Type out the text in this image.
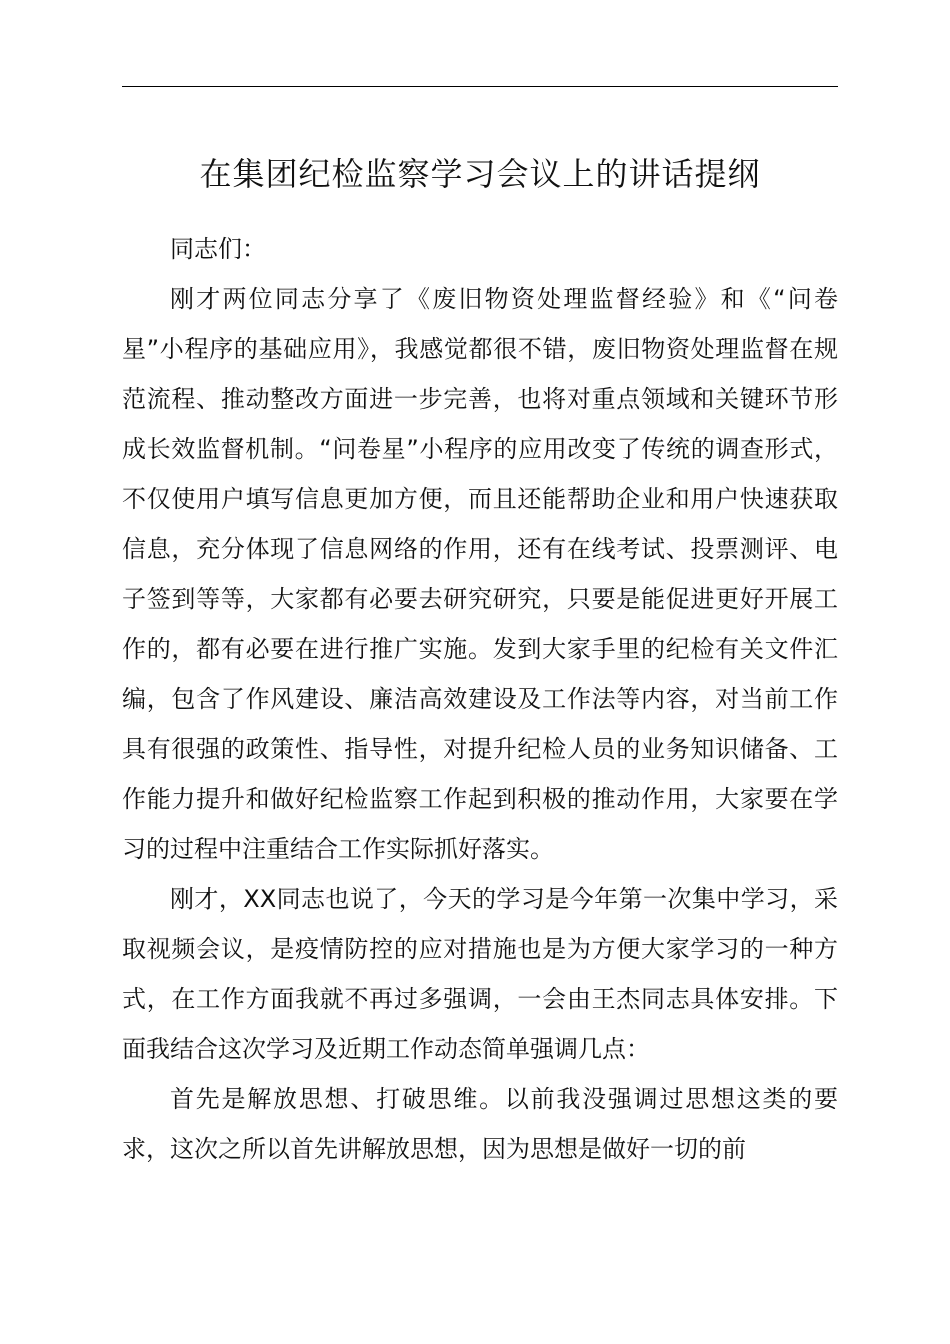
在集团纪检监察学习会议上的讲话提纲

同志们：

刚才两位同志分享了《废旧物资处理监督经验》和《“问卷星”小程序的基础应用》，我感觉都很不错，废旧物资处理监督在规范流程、推动整改方面进一步完善，也将对重点领域和关键环节形成长效监督机制。“问卷星”小程序的应用改变了传统的调查形式，不仅使用户填写信息更加方便，而且还能帮助企业和用户快速获取信息，充分体现了信息网络的作用，还有在线考试、投票测评、电子签到等等，大家都有必要去研究研究，只要是能促进更好开展工作的，都有必要在进行推广实施。发到大家手里的纪检有关文件汇编，包含了作风建设、廉洁高效建设及工作法等内容，对当前工作具有很强的政策性、指导性，对提升纪检人员的业务知识储备、工作能力提升和做好纪检监察工作起到积极的推动作用，大家要在学习的过程中注重结合工作实际抓好落实。

刚才，XX同志也说了，今天的学习是今年第一次集中学习，采取视频会议，是疫情防控的应对措施也是为方便大家学习的一种方式，在工作方面我就不再过多强调，一会由王杰同志具体安排。下面我结合这次学习及近期工作动态简单强调几点：

首先是解放思想、打破思维。以前我没强调过思想这类的要求，这次之所以首先讲解放思想，因为思想是做好一切的前
